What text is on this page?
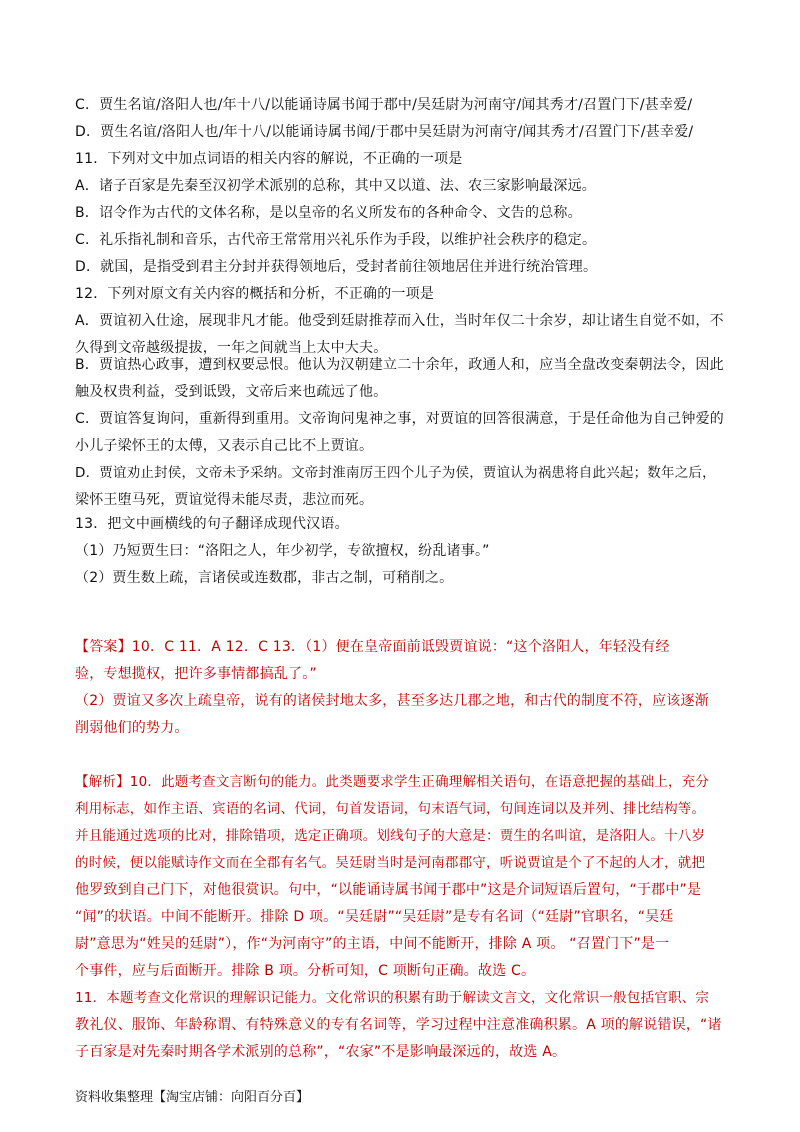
C．贾生名谊/洛阳人也/年十八/以能诵诗属书闻于郡中/吴廷尉为河南守/闻其秀才/召置门下/甚幸爱/
D．贾生名谊/洛阳人也/年十八/以能诵诗属书闻/于郡中吴廷尉为河南守/闻其秀才/召置门下/甚幸爱/
11．下列对文中加点词语的相关内容的解说，不正确的一项是
A．诸子百家是先秦至汉初学术派别的总称，其中又以道、法、农三家影响最深远。
B．诏令作为古代的文体名称，是以皇帝的名义所发布的各种命令、文告的总称。
C．礼乐指礼制和音乐，古代帝王常常用兴礼乐作为手段，以维护社会秩序的稳定。
D．就国，是指受到君主分封并获得领地后，受封者前往领地居住并进行统治管理。
12．下列对原文有关内容的概括和分析，不正确的一项是
A．贾谊初入仕途，展现非凡才能。他受到廷尉推荐而入仕，当时年仅二十余岁，却让诸生自觉不如，不
久得到文帝越级提拔，一年之间就当上太中大夫。
B．贾谊热心政事，遭到权要忌恨。他认为汉朝建立二十余年，政通人和，应当全盘改变秦朝法令，因此
触及权贵利益，受到诋毁，文帝后来也疏远了他。
C．贾谊答复询问，重新得到重用。文帝询问鬼神之事，对贾谊的回答很满意，于是任命他为自己钟爱的
小儿子梁怀王的太傅，又表示自己比不上贾谊。
D．贾谊劝止封侯，文帝未予采纳。文帝封淮南厉王四个儿子为侯，贾谊认为祸患将自此兴起；数年之后，
梁怀王堕马死，贾谊觉得未能尽责，悲泣而死。
13．把文中画横线的句子翻译成现代汉语。
（1）乃短贾生曰：“洛阳之人，年少初学，专欲擅权，纷乱诸事。”
（2）贾生数上疏，言诸侯或连数郡，非古之制，可稍削之。
【答案】10．C 11．A 12．C 13．（1）便在皇帝面前诋毁贾谊说：“这个洛阳人，年轻没有经
验，专想揽权，把许多事情都搞乱了。”
（2）贾谊又多次上疏皇帝，说有的诸侯封地太多，甚至多达几郡之地，和古代的制度不符，应该逐渐
削弱他们的势力。
【解析】10．此题考查文言断句的能力。此类题要求学生正确理解相关语句，在语意把握的基础上，充分
利用标志，如作主语、宾语的名词、代词，句首发语词，句末语气词，句间连词以及并列、排比结构等。
并且能通过选项的比对，排除错项，选定正确项。划线句子的大意是：贾生的名叫谊，是洛阳人。十八岁
的时候，便以能赋诗作文而在全郡有名气。吴廷尉当时是河南郡郡守，听说贾谊是个了不起的人才，就把
他罗致到自己门下，对他很赏识。句中，“以能诵诗属书闻于郡中”这是介词短语后置句，“于郡中”是
“闻”的状语。中间不能断开。排除 D 项。“吴廷尉”“吴廷尉”是专有名词（“廷尉”官职名，“吴廷
尉”意思为“姓吴的廷尉”），作“为河南守”的主语，中间不能断开，排除 A 项。 “召置门下”是一
个事件，应与后面断开。排除 B 项。分析可知，C 项断句正确。故选 C。
11．本题考查文化常识的理解识记能力。文化常识的积累有助于解读文言文，文化常识一般包括官职、宗
教礼仪、服饰、年龄称谓、有特殊意义的专有名词等，学习过程中注意准确积累。A 项的解说错误，“诸
子百家是对先秦时期各学术派别的总称”，“农家”不是影响最深远的，故选 A。
资料收集整理【淘宝店铺：向阳百分百】
